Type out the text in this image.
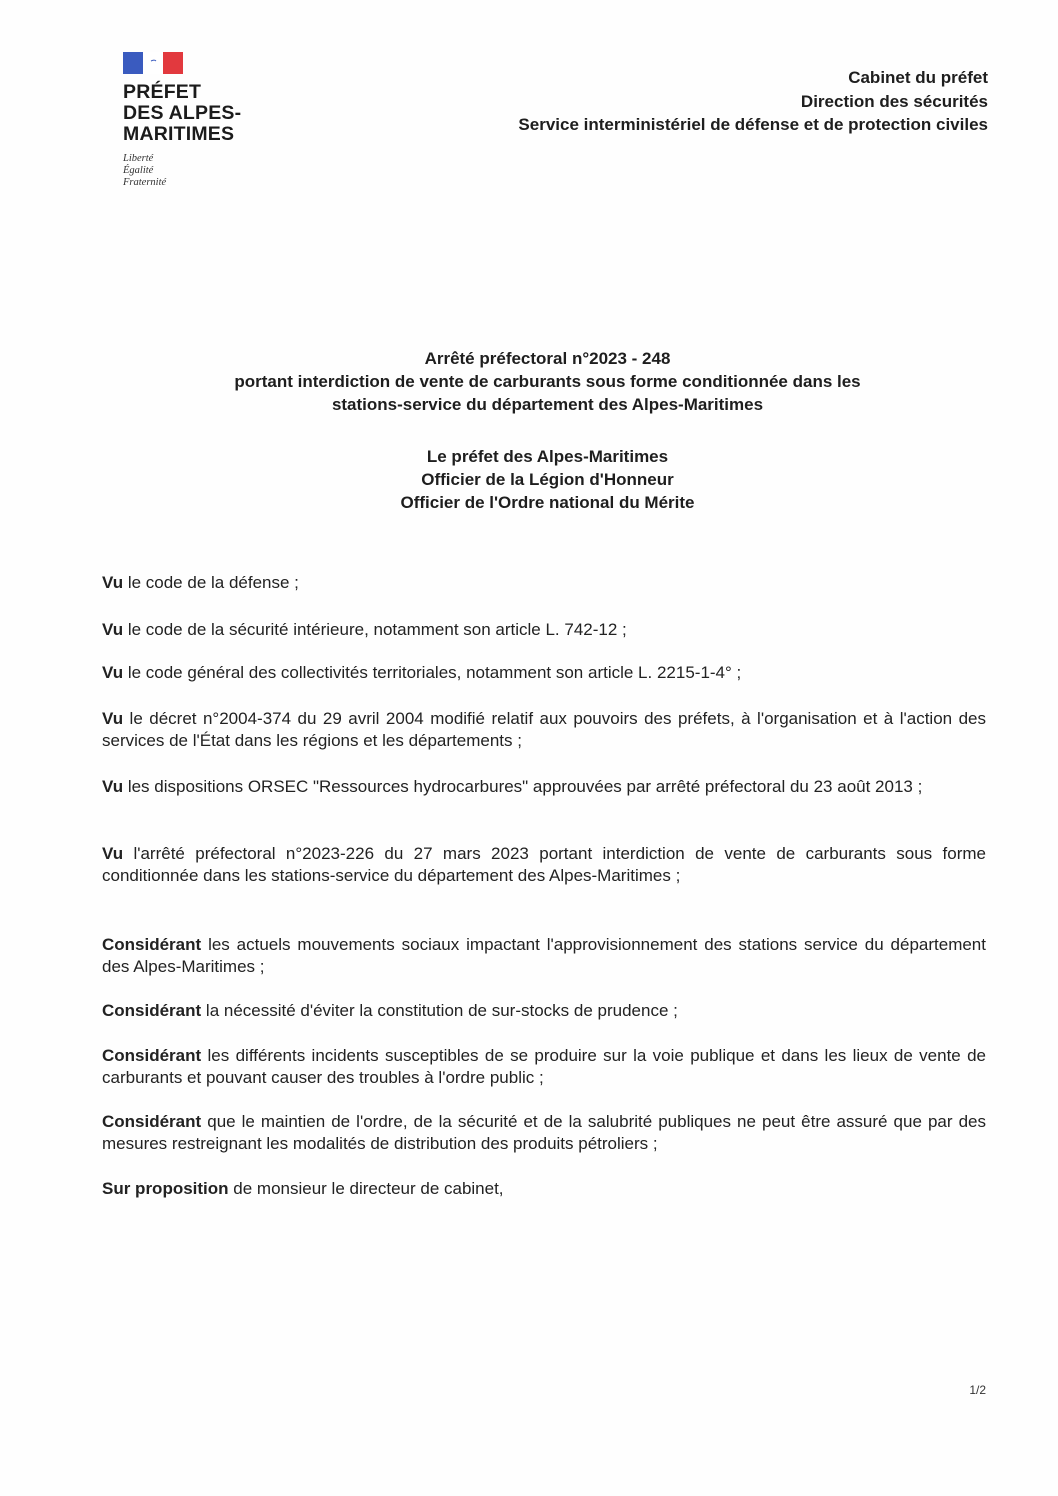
PRÉFET
DES ALPES-
MARITIMES
Liberté
Égalité
Fraternité
Cabinet du préfet
Direction des sécurités
Service interministériel de défense et de protection civiles
Arrêté préfectoral n°2023 - 248
portant interdiction de vente de carburants sous forme conditionnée dans les
stations-service du département des Alpes-Maritimes
Le préfet des Alpes-Maritimes
Officier de la Légion d'Honneur
Officier de l'Ordre national du Mérite
Vu le code de la défense ;
Vu le code de la sécurité intérieure, notamment son article L. 742-12 ;
Vu le code général des collectivités territoriales, notamment son article L. 2215-1-4° ;
Vu le décret n°2004-374 du 29 avril 2004 modifié relatif aux pouvoirs des préfets, à l'organisation et à l'action des services de l'État dans les régions et les départements ;
Vu les dispositions ORSEC "Ressources hydrocarbures" approuvées par arrêté préfectoral du 23 août 2013 ;
Vu l'arrêté préfectoral n°2023-226 du 27 mars 2023 portant interdiction de vente de carburants sous forme conditionnée dans les stations-service du département des Alpes-Maritimes ;
Considérant les actuels mouvements sociaux impactant l'approvisionnement des stations service du département des Alpes-Maritimes ;
Considérant la nécessité d'éviter la constitution de sur-stocks de prudence ;
Considérant les différents incidents susceptibles de se produire sur la voie publique et dans les lieux de vente de carburants et pouvant causer des troubles à l'ordre public ;
Considérant que le maintien de l'ordre, de la sécurité et de la salubrité publiques ne peut être assuré que par des mesures restreignant les modalités de distribution des produits pétroliers ;
Sur proposition de monsieur le directeur de cabinet,
1/2
